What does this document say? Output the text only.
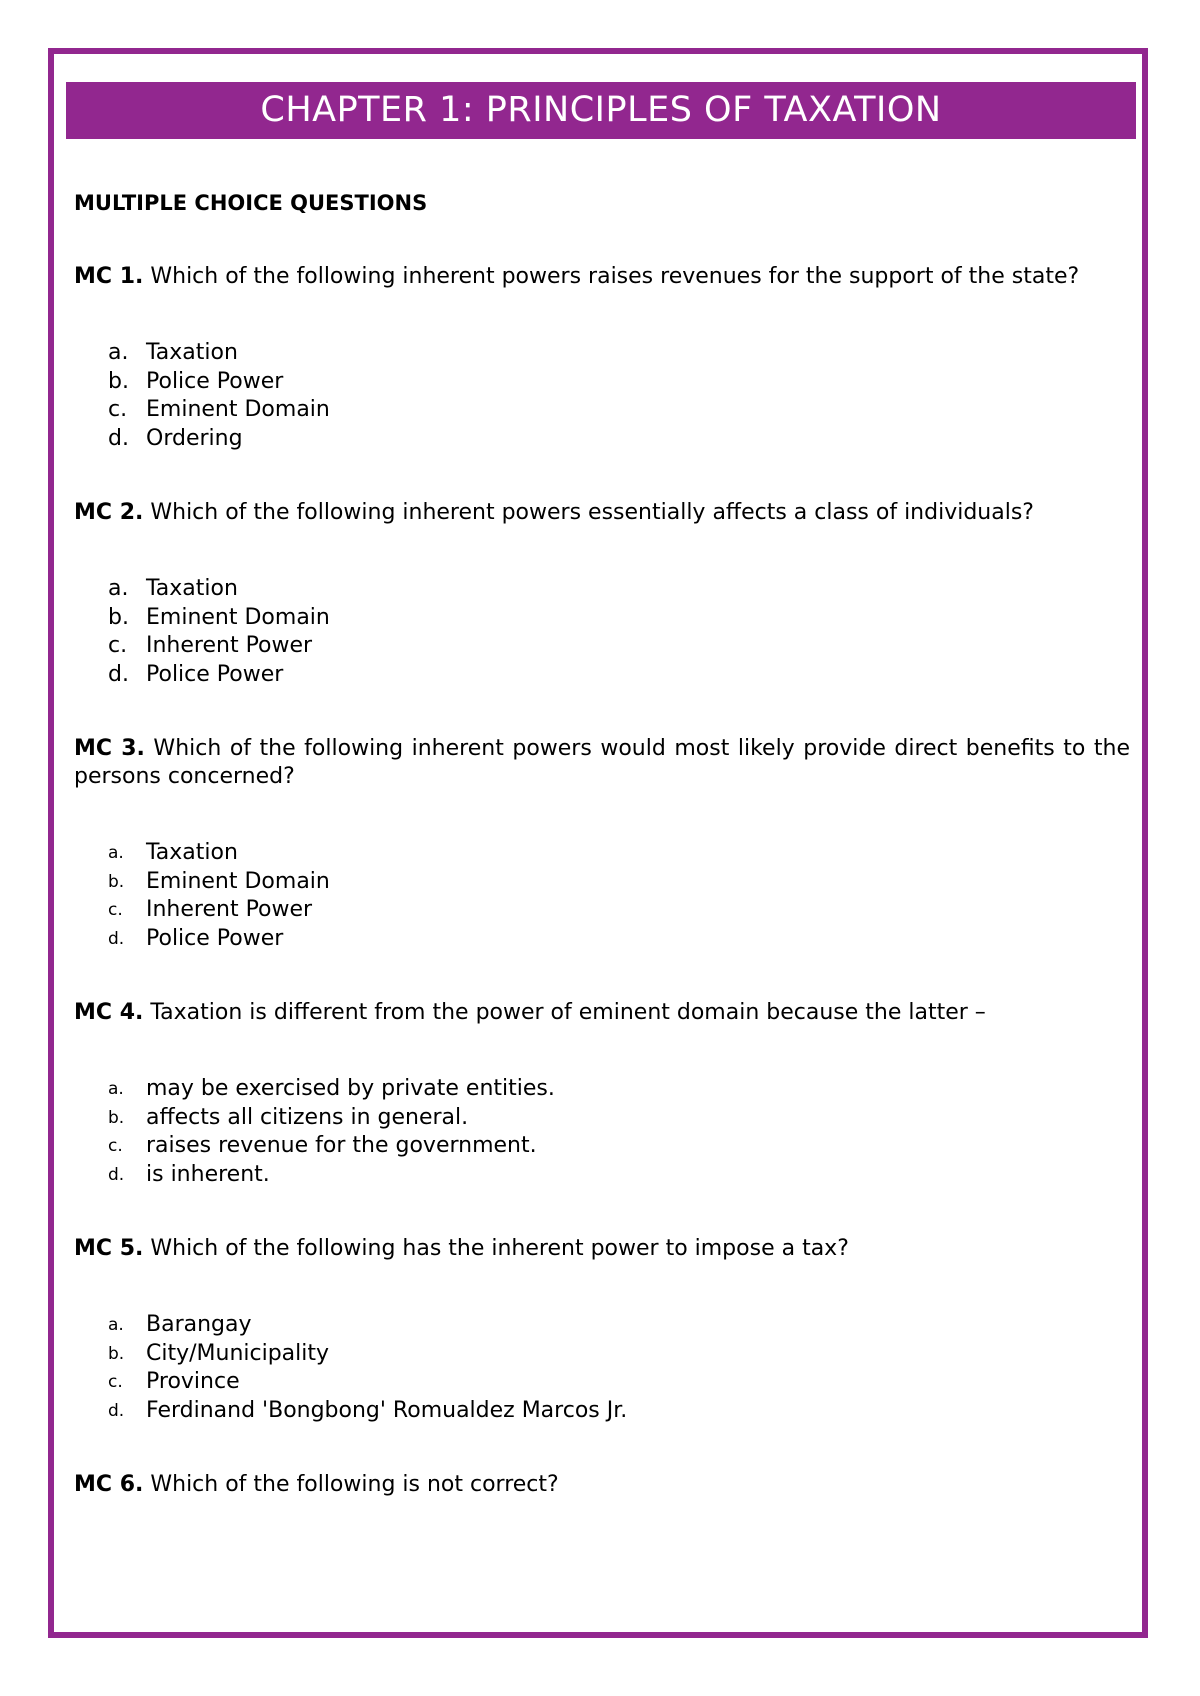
CHAPTER 1: PRINCIPLES OF TAXATION
MULTIPLE CHOICE QUESTIONS
MC 1. Which of the following inherent powers raises revenues for the support of the state?
a. Taxation
b. Police Power
c. Eminent Domain
d. Ordering
MC 2. Which of the following inherent powers essentially affects a class of individuals?
a. Taxation
b. Eminent Domain
c. Inherent Power
d. Police Power
MC 3. Which of the following inherent powers would most likely provide direct benefits to the persons concerned?
a.	Taxation
b. Eminent Domain
c.	Inherent Power
d. Police Power
MC 4. Taxation is different from the power of eminent domain because the latter –
a.	may be exercised by private entities.
b. affects all citizens in general.
c.	raises revenue for the government.
d. is inherent.
MC 5. Which of the following has the inherent power to impose a tax?
a.	Barangay
b. City/Municipality
c.	Province
d. Ferdinand 'Bongbong' Romualdez Marcos Jr.
MC 6. Which of the following is not correct?
